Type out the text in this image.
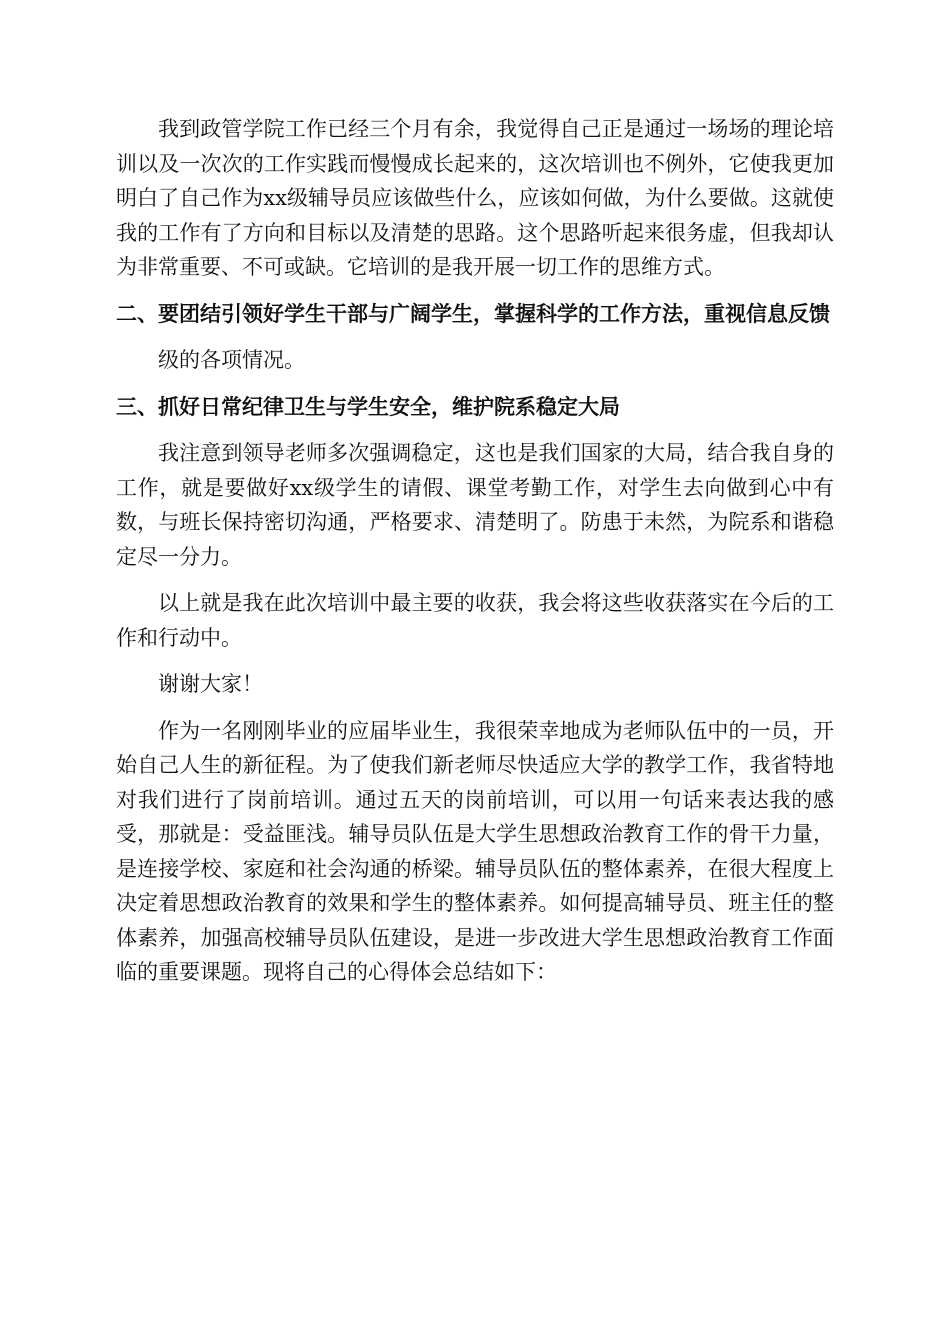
我到政管学院工作已经三个月有余，我觉得自己正是通过一场场的理论培训以及一次次的工作实践而慢慢成长起来的，这次培训也不例外，它使我更加明白了自己作为xx级辅导员应该做些什么，应该如何做，为什么要做。这就使我的工作有了方向和目标以及清楚的思路。这个思路听起来很务虚，但我却认为非常重要、不可或缺。它培训的是我开展一切工作的思维方式。

二、要团结引领好学生干部与广阔学生，掌握科学的工作方法，重视信息反馈

级的各项情况。

三、抓好日常纪律卫生与学生安全，维护院系稳定大局

我注意到领导老师多次强调稳定，这也是我们国家的大局，结合我自身的工作，就是要做好xx级学生的请假、课堂考勤工作，对学生去向做到心中有数，与班长保持密切沟通，严格要求、清楚明了。防患于未然，为院系和谐稳定尽一分力。

以上就是我在此次培训中最主要的收获，我会将这些收获落实在今后的工作和行动中。

谢谢大家！

作为一名刚刚毕业的应届毕业生，我很荣幸地成为老师队伍中的一员，开始自己人生的新征程。为了使我们新老师尽快适应大学的教学工作，我省特地对我们进行了岗前培训。通过五天的岗前培训，可以用一句话来表达我的感受，那就是：受益匪浅。辅导员队伍是大学生思想政治教育工作的骨干力量，是连接学校、家庭和社会沟通的桥梁。辅导员队伍的整体素养，在很大程度上决定着思想政治教育的效果和学生的整体素养。如何提高辅导员、班主任的整体素养，加强高校辅导员队伍建设，是进一步改进大学生思想政治教育工作面临的重要课题。现将自己的心得体会总结如下：
